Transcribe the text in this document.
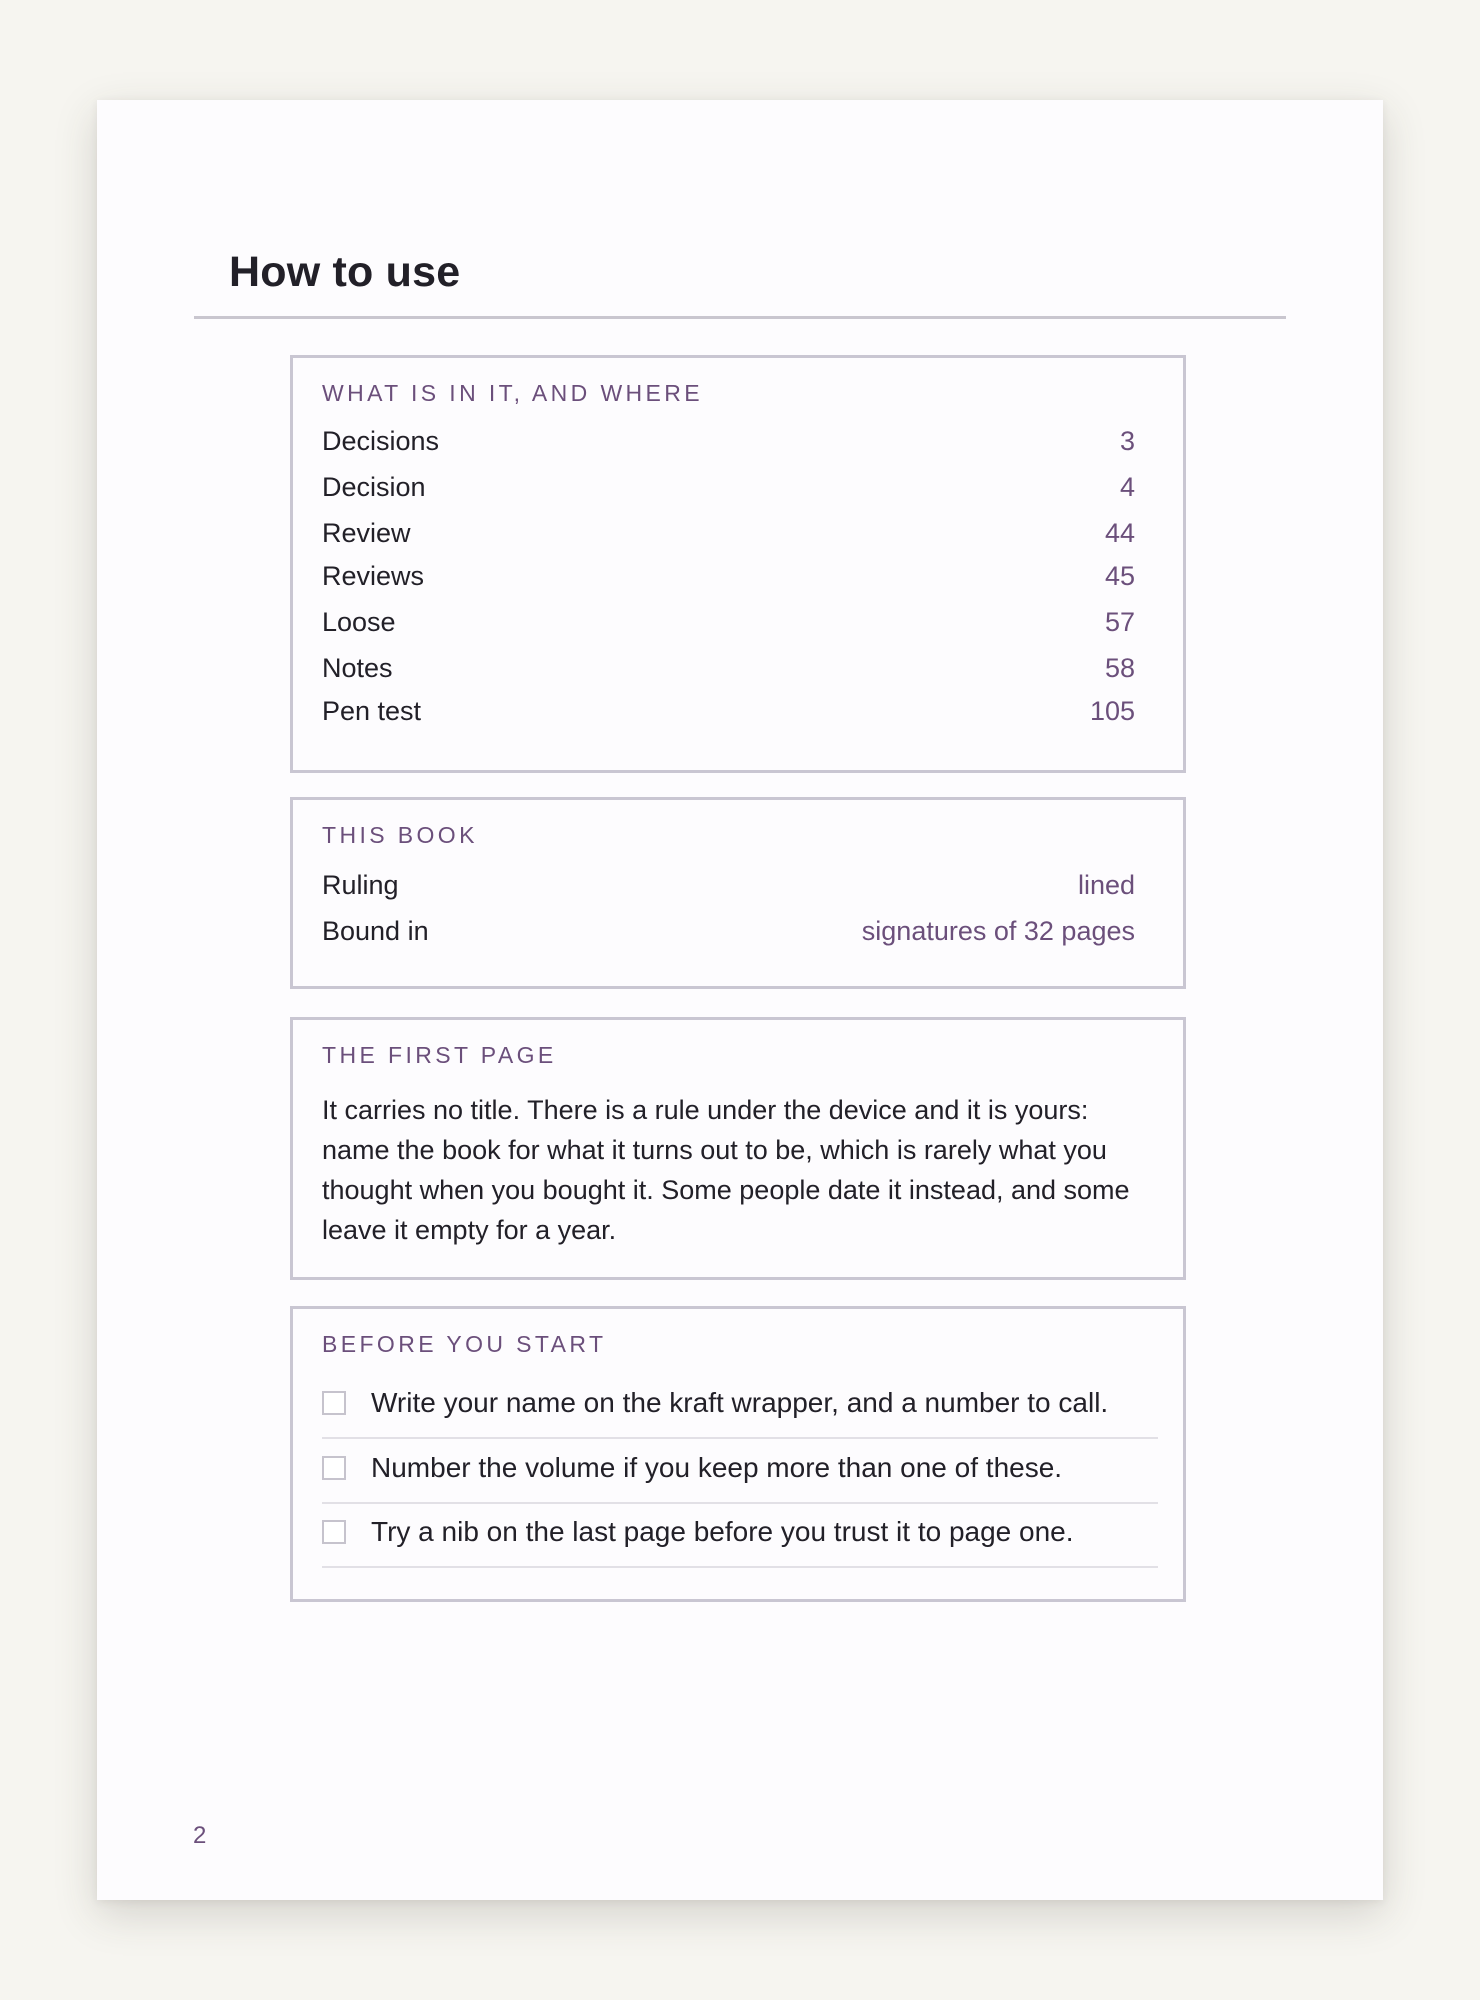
How to use
WHAT IS IN IT, AND WHERE
Decisions	3
Decision	4
Review	44
Reviews	45
Loose	57
Notes	58
Pen test	105
THIS BOOK
Ruling	lined
Bound in	signatures of 32 pages
THE FIRST PAGE

It carries no title. There is a rule under the device and it is yours: name the book for what it turns out to be, which is rarely what you thought when you bought it. Some people date it instead, and some leave it empty for a year.

BEFORE YOU START
Write your name on the kraft wrapper, and a number to call.
Number the volume if you keep more than one of these.
Try a nib on the last page before you trust it to page one.
2
